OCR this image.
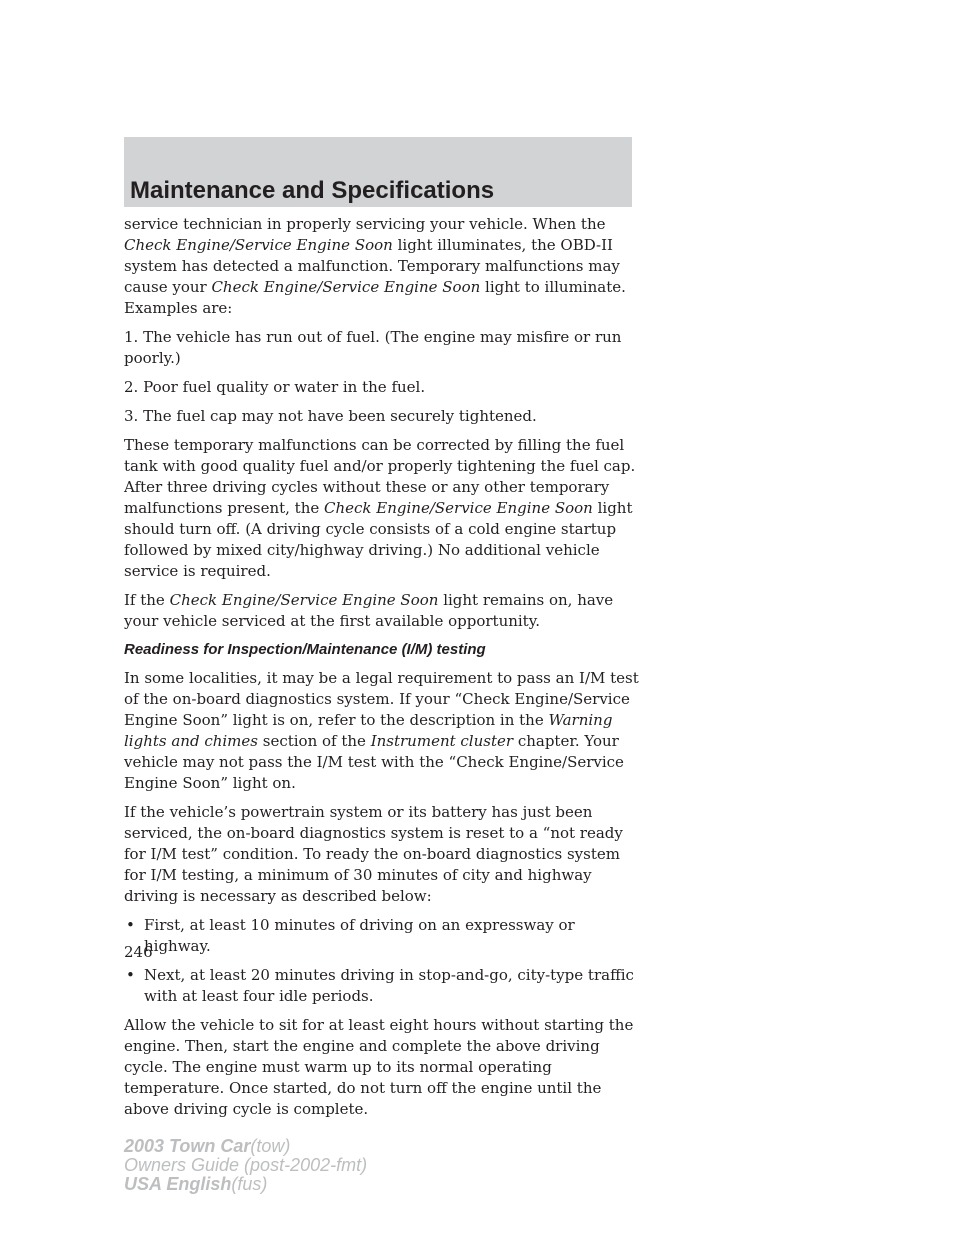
Maintenance and Specifications

service technician in properly servicing your vehicle. When the Check Engine/Service Engine Soon light illuminates, the OBD-II system has detected a malfunction. Temporary malfunctions may cause your Check Engine/Service Engine Soon light to illuminate. Examples are:

1. The vehicle has run out of fuel. (The engine may misfire or run poorly.)

2. Poor fuel quality or water in the fuel.

3. The fuel cap may not have been securely tightened.

These temporary malfunctions can be corrected by filling the fuel tank with good quality fuel and/or properly tightening the fuel cap. After three driving cycles without these or any other temporary malfunctions present, the Check Engine/Service Engine Soon light should turn off. (A driving cycle consists of a cold engine startup followed by mixed city/highway driving.) No additional vehicle service is required.

If the Check Engine/Service Engine Soon light remains on, have your vehicle serviced at the first available opportunity.

Readiness for Inspection/Maintenance (I/M) testing

In some localities, it may be a legal requirement to pass an I/M test of the on-board diagnostics system. If your “Check Engine/Service Engine Soon” light is on, refer to the description in the Warning lights and chimes section of the Instrument cluster chapter. Your vehicle may not pass the I/M test with the “Check Engine/Service Engine Soon” light on.

If the vehicle’s powertrain system or its battery has just been serviced, the on-board diagnostics system is reset to a “not ready for I/M test” condition. To ready the on-board diagnostics system for I/M testing, a minimum of 30 minutes of city and highway driving is necessary as described below:

• First, at least 10 minutes of driving on an expressway or highway.
• Next, at least 20 minutes driving in stop-and-go, city-type traffic with at least four idle periods.

Allow the vehicle to sit for at least eight hours without starting the engine. Then, start the engine and complete the above driving cycle. The engine must warm up to its normal operating temperature. Once started, do not turn off the engine until the above driving cycle is complete.

246
2003 Town Car(tow)
Owners Guide (post-2002-fmt)
USA English(fus)
